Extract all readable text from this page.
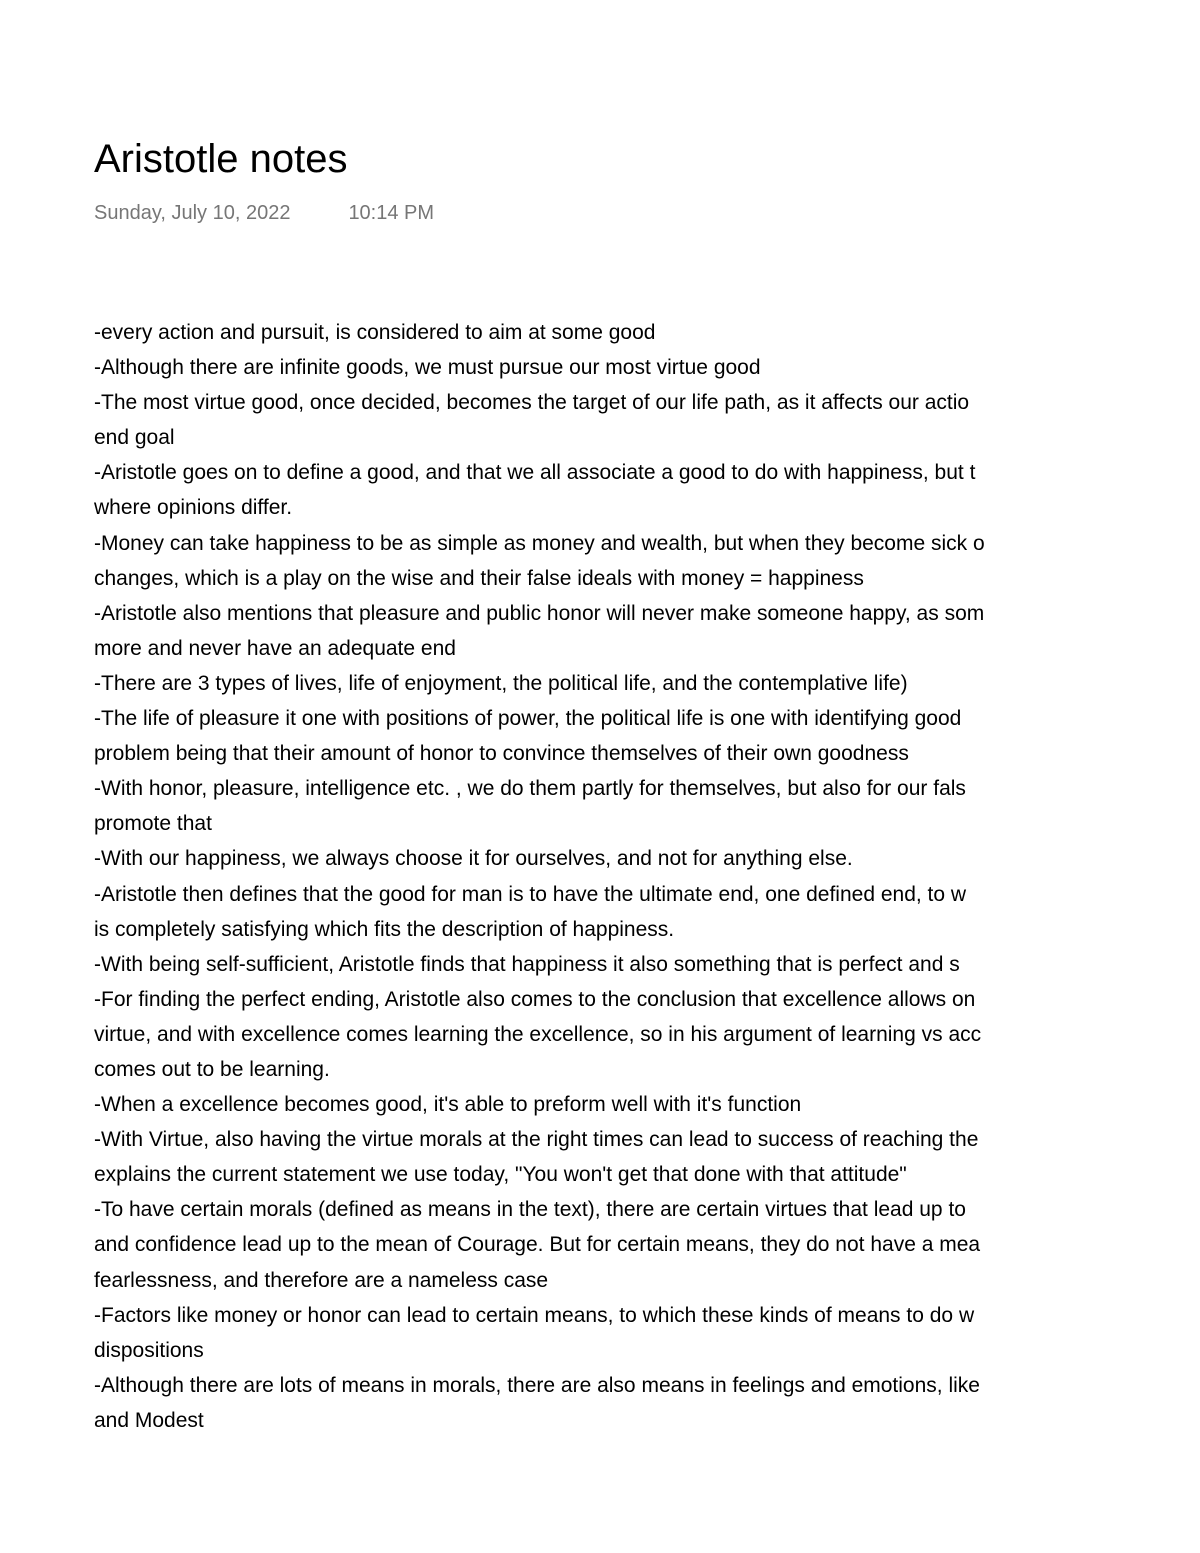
Aristotle notes
Sunday, July 10, 2022	10:14 PM
-every action and pursuit, is considered to aim at some good
-Although there are infinite goods, we must pursue our most virtue good
-The most virtue good, once decided, becomes the target of our life path, as it affects our actio
end goal
-Aristotle goes on to define a good, and that we all associate a good to do with happiness, but t
where opinions differ.
-Money can take happiness to be as simple as money and wealth, but when they become sick o
changes, which is a play on the wise and their false ideals with money = happiness
-Aristotle also mentions that pleasure and public honor will never make someone happy, as som
more and never have an adequate end
-There are 3 types of lives, life of enjoyment, the political life, and the contemplative life)
-The life of pleasure it one with positions of power, the political life is one with identifying good
problem being that their amount of honor to convince themselves of their own goodness
-With honor, pleasure, intelligence etc. , we do them partly for themselves, but also for our fals
promote that
-With our happiness, we always choose it for ourselves, and not for anything else.
-Aristotle then defines that the good for man is to have the ultimate end, one defined end, to w
is completely satisfying which fits the description of happiness.
-With being self-sufficient, Aristotle finds that happiness it also something that is perfect and s
-For finding the perfect ending, Aristotle also comes to the conclusion that excellence allows on
virtue, and with excellence comes learning the excellence, so in his argument of learning vs acc
comes out to be learning.
-When a excellence becomes good, it's able to preform well with it's function
-With Virtue, also having the virtue morals at the right times can lead to success of reaching the
explains the current statement we use today, "You won't get that done with that attitude"
-To have certain morals (defined as means in the text), there are certain virtues that lead up to
and confidence lead up to the mean of Courage. But for certain means, they do not have a mea
fearlessness, and therefore are a nameless case
-Factors like money or honor can lead to certain means, to which these kinds of means to do w
dispositions
-Although there are lots of means in morals, there are also means in feelings and emotions, like
and Modest
